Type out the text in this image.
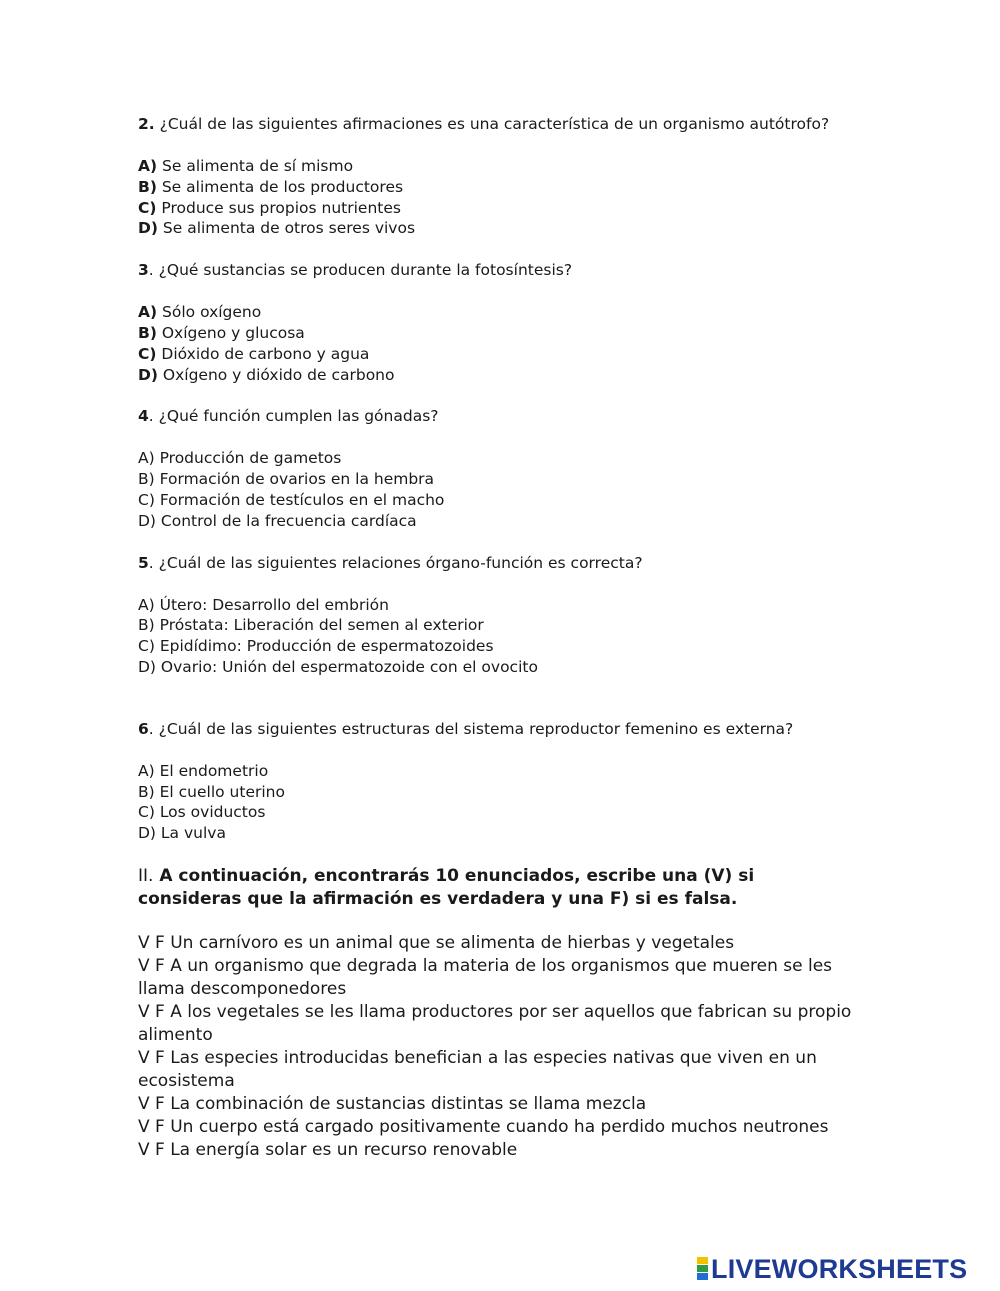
2. ¿Cuál de las siguientes afirmaciones es una característica de un organismo autótrofo?

A) Se alimenta de sí mismo
B) Se alimenta de los productores
C) Produce sus propios nutrientes
D) Se alimenta de otros seres vivos

3. ¿Qué sustancias se producen durante la fotosíntesis?

A) Sólo oxígeno
B) Oxígeno y glucosa
C) Dióxido de carbono y agua
D) Oxígeno y dióxido de carbono

4. ¿Qué función cumplen las gónadas?

A) Producción de gametos
B) Formación de ovarios en la hembra
C) Formación de testículos en el macho
D) Control de la frecuencia cardíaca

5. ¿Cuál de las siguientes relaciones órgano-función es correcta?

A) Útero: Desarrollo del embrión
B) Próstata: Liberación del semen al exterior
C) Epidídimo: Producción de espermatozoides
D) Ovario: Unión del espermatozoide con el ovocito

6. ¿Cuál de las siguientes estructuras del sistema reproductor femenino es externa?

A) El endometrio
B) El cuello uterino
C) Los oviductos
D) La vulva

II. A continuación, encontrarás 10 enunciados, escribe una (V) si consideras que la afirmación es verdadera y una F) si es falsa.

V F Un carnívoro es un animal que se alimenta de hierbas y vegetales
V F A un organismo que degrada la materia de los organismos que mueren se les llama descomponedores
V F A los vegetales se les llama productores por ser aquellos que fabrican su propio alimento
V F Las especies introducidas benefician a las especies nativas que viven en un ecosistema
V F La combinación de sustancias distintas se llama mezcla
V F Un cuerpo está cargado positivamente cuando ha perdido muchos neutrones
V F La energía solar es un recurso renovable
LIVEWORKSHEETS
